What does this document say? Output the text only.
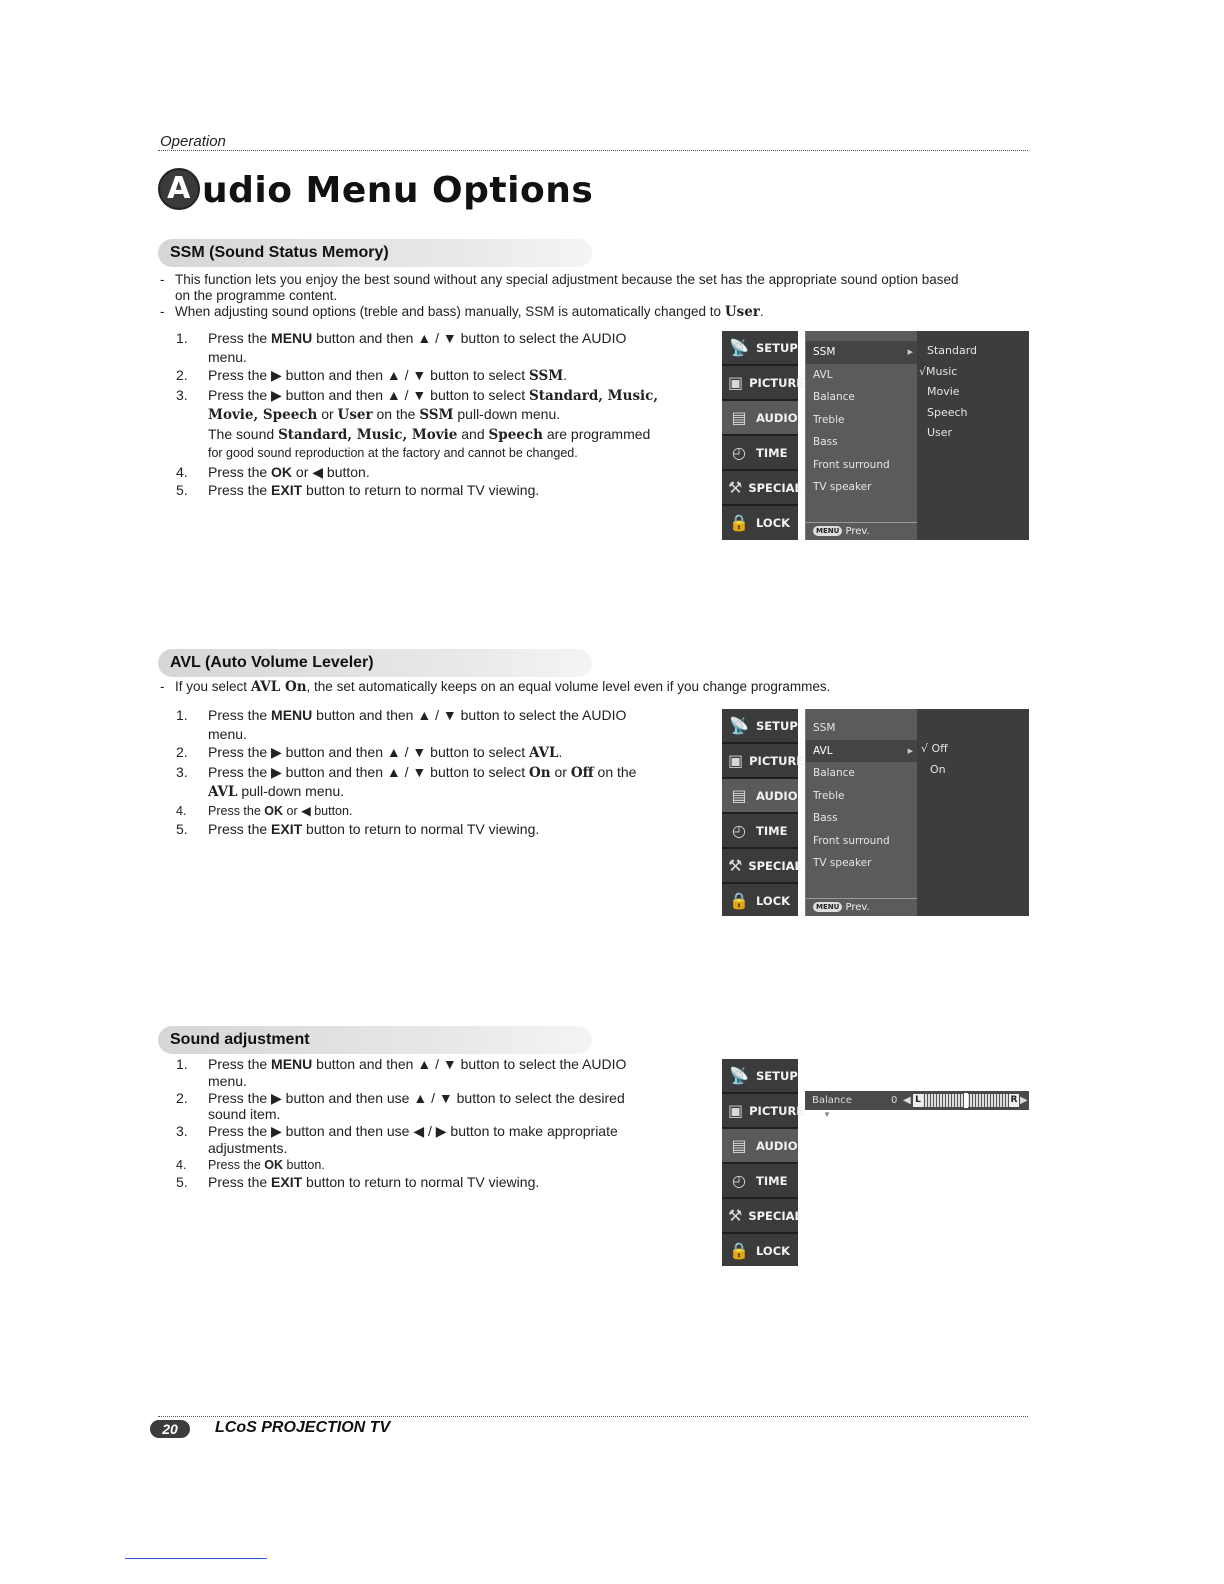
Operation
A udio Menu Options
SSM (Sound Status Memory)
- This function lets you enjoy the best sound without any special adjustment because the set has the appropriate sound option based on the programme content.
- When adjusting sound options (treble and bass) manually, SSM is automatically changed to User.
1. Press the MENU button and then ▲ / ▼ button to select the AUDIO menu.
2. Press the ▶ button and then ▲ / ▼ button to select SSM.
3. Press the ▶ button and then ▲ / ▼ button to select Standard, Music, Movie, Speech or User on the SSM pull-down menu.
The sound Standard, Music, Movie and Speech are programmed
for good sound reproduction at the factory and cannot be changed.
4. Press the OK or ◀ button.
5. Press the EXIT button to return to normal TV viewing.
📡 SETUP
▣ PICTURE
▤ AUDIO
◴ TIME
⚒ SPECIAL
🔒 LOCK
SSM ▶
AVL
Balance
Treble
Bass
Front surround
TV speaker
MENU Prev.
Standard
√Music
Movie
Speech
User
AVL (Auto Volume Leveler)
- If you select AVL On, the set automatically keeps on an equal volume level even if you change programmes.
1. Press the MENU button and then ▲ / ▼ button to select the AUDIO menu.
2. Press the ▶ button and then ▲ / ▼ button to select AVL.
3. Press the ▶ button and then ▲ / ▼ button to select On or Off on the
AVL pull-down menu.
4. Press the OK or ◀ button.
5. Press the EXIT button to return to normal TV viewing.
📡 SETUP
▣ PICTURE
▤ AUDIO
◴ TIME
⚒ SPECIAL
🔒 LOCK
SSM
AVL ▶
Balance
Treble
Bass
Front surround
TV speaker
MENU Prev.
√ Off
On
Sound adjustment
1. Press the MENU button and then ▲ / ▼ button to select the AUDIO menu.
2. Press the ▶ button and then use ▲ / ▼ button to select the desired sound item.
3. Press the ▶ button and then use ◀ / ▶ button to make appropriate adjustments.
4. Press the OK button.
5. Press the EXIT button to return to normal TV viewing.
📡 SETUP
▣ PICTURE
▤ AUDIO
◴ TIME
⚒ SPECIAL
🔒 LOCK
Balance	0 ◀ L	R ▶
▼
20	LCoS PROJECTION TV
